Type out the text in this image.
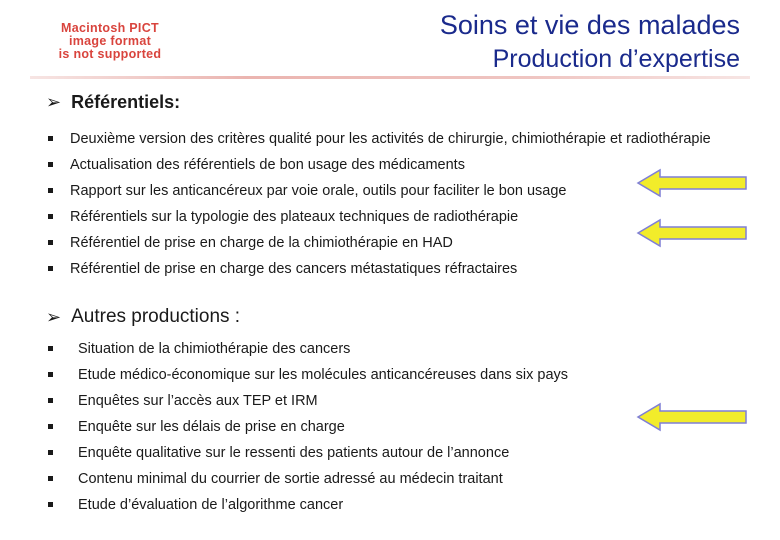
Macintosh PICT
image format
is not supported
Soins et vie des malades
Production d’expertise
➢ Référentiels:
Deuxième version des critères qualité pour les activités de chirurgie, chimiothérapie et radiothérapie
Actualisation des référentiels de bon usage des médicaments
Rapport sur les anticancéreux par voie orale, outils pour faciliter le bon usage
Référentiels sur la typologie des plateaux techniques de radiothérapie
Référentiel de prise en charge de la chimiothérapie en HAD
Référentiel de prise en charge des cancers métastatiques réfractaires
➢ Autres productions :
Situation de la chimiothérapie des cancers
Etude médico-économique sur les molécules anticancéreuses dans six pays
Enquêtes sur l’accès aux TEP et IRM
Enquête sur les délais de prise en charge
Enquête qualitative sur le ressenti des patients autour de l’annonce
Contenu minimal du courrier de sortie adressé au médecin traitant
Etude d’évaluation de l’algorithme cancer
